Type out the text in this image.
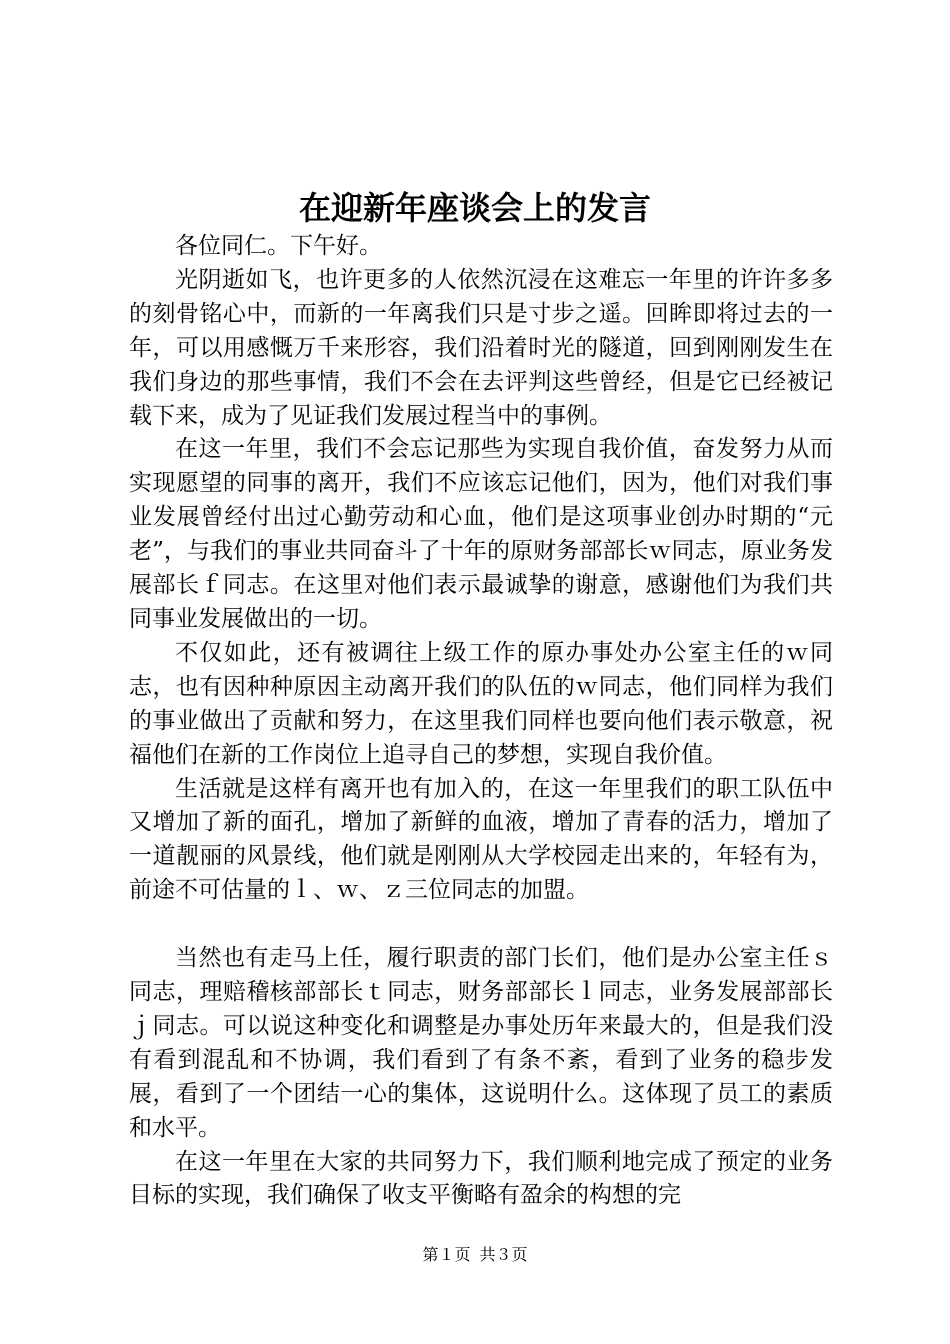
在迎新年座谈会上的发言

各位同仁。下午好。

光阴逝如飞，也许更多的人依然沉浸在这难忘一年里的许许多多的刻骨铭心中，而新的一年离我们只是寸步之遥。回眸即将过去的一年，可以用感慨万千来形容，我们沿着时光的隧道，回到刚刚发生在我们身边的那些事情，我们不会在去评判这些曾经，但是它已经被记载下来，成为了见证我们发展过程当中的事例。

在这一年里，我们不会忘记那些为实现自我价值，奋发努力从而实现愿望的同事的离开，我们不应该忘记他们，因为，他们对我们事业发展曾经付出过心勤劳动和心血，他们是这项事业创办时期的“元老”，与我们的事业共同奋斗了十年的原财务部部长ｗ同志，原业务发展部长ｆ同志。在这里对他们表示最诚挚的谢意，感谢他们为我们共同事业发展做出的一切。

不仅如此，还有被调往上级工作的原办事处办公室主任的ｗ同志，也有因种种原因主动离开我们的队伍的ｗ同志，他们同样为我们的事业做出了贡献和努力，在这里我们同样也要向他们表示敬意，祝福他们在新的工作岗位上追寻自己的梦想，实现自我价值。

生活就是这样有离开也有加入的，在这一年里我们的职工队伍中又增加了新的面孔，增加了新鲜的血液，增加了青春的活力，增加了一道靓丽的风景线，他们就是刚刚从大学校园走出来的，年轻有为，前途不可估量的ｌ、ｗ、ｚ三位同志的加盟。

当然也有走马上任，履行职责的部门长们，他们是办公室主任ｓ同志，理赔稽核部部长ｔ同志，财务部部长ｌ同志，业务发展部部长ｊ同志。可以说这种变化和调整是办事处历年来最大的，但是我们没有看到混乱和不协调，我们看到了有条不紊，看到了业务的稳步发展，看到了一个团结一心的集体，这说明什么。这体现了员工的素质和水平。

在这一年里在大家的共同努力下，我们顺利地完成了预定的业务目标的实现，我们确保了收支平衡略有盈余的构想的完

第１页 共３页
